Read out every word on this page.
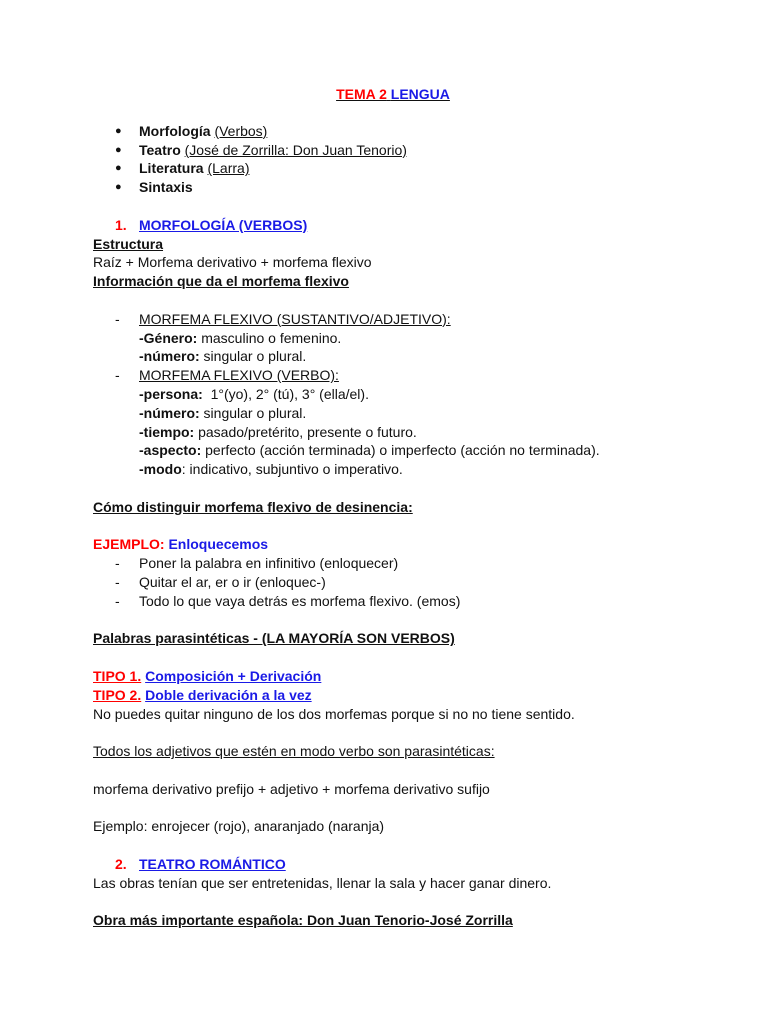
TEMA 2 LENGUA
● Morfología (Verbos)
● Teatro (José de Zorrilla: Don Juan Tenorio)
● Literatura (Larra)
● Sintaxis
1. MORFOLOGÍA (VERBOS)
Estructura
Raíz + Morfema derivativo + morfema flexivo
Información que da el morfema flexivo
- MORFEMA FLEXIVO (SUSTANTIVO/ADJETIVO):
-Género: masculino o femenino.
-número: singular o plural.
- MORFEMA FLEXIVO (VERBO):
-persona:  1°(yo), 2° (tú), 3° (ella/el).
-número: singular o plural.
-tiempo: pasado/pretérito, presente o futuro.
-aspecto: perfecto (acción terminada) o imperfecto (acción no terminada).
-modo: indicativo, subjuntivo o imperativo.
Cómo distinguir morfema flexivo de desinencia:
EJEMPLO: Enloquecemos
- Poner la palabra en infinitivo (enloquecer)
- Quitar el ar, er o ir (enloquec-)
- Todo lo que vaya detrás es morfema flexivo. (emos)
Palabras parasintéticas - (LA MAYORÍA SON VERBOS)
TIPO 1. Composición + Derivación
TIPO 2. Doble derivación a la vez
No puedes quitar ninguno de los dos morfemas porque si no no tiene sentido.
Todos los adjetivos que estén en modo verbo son parasintéticas:
morfema derivativo prefijo + adjetivo + morfema derivativo sufijo
Ejemplo: enrojecer (rojo), anaranjado (naranja)
2. TEATRO ROMÁNTICO
Las obras tenían que ser entretenidas, llenar la sala y hacer ganar dinero.
Obra más importante española: Don Juan Tenorio-José Zorrilla
